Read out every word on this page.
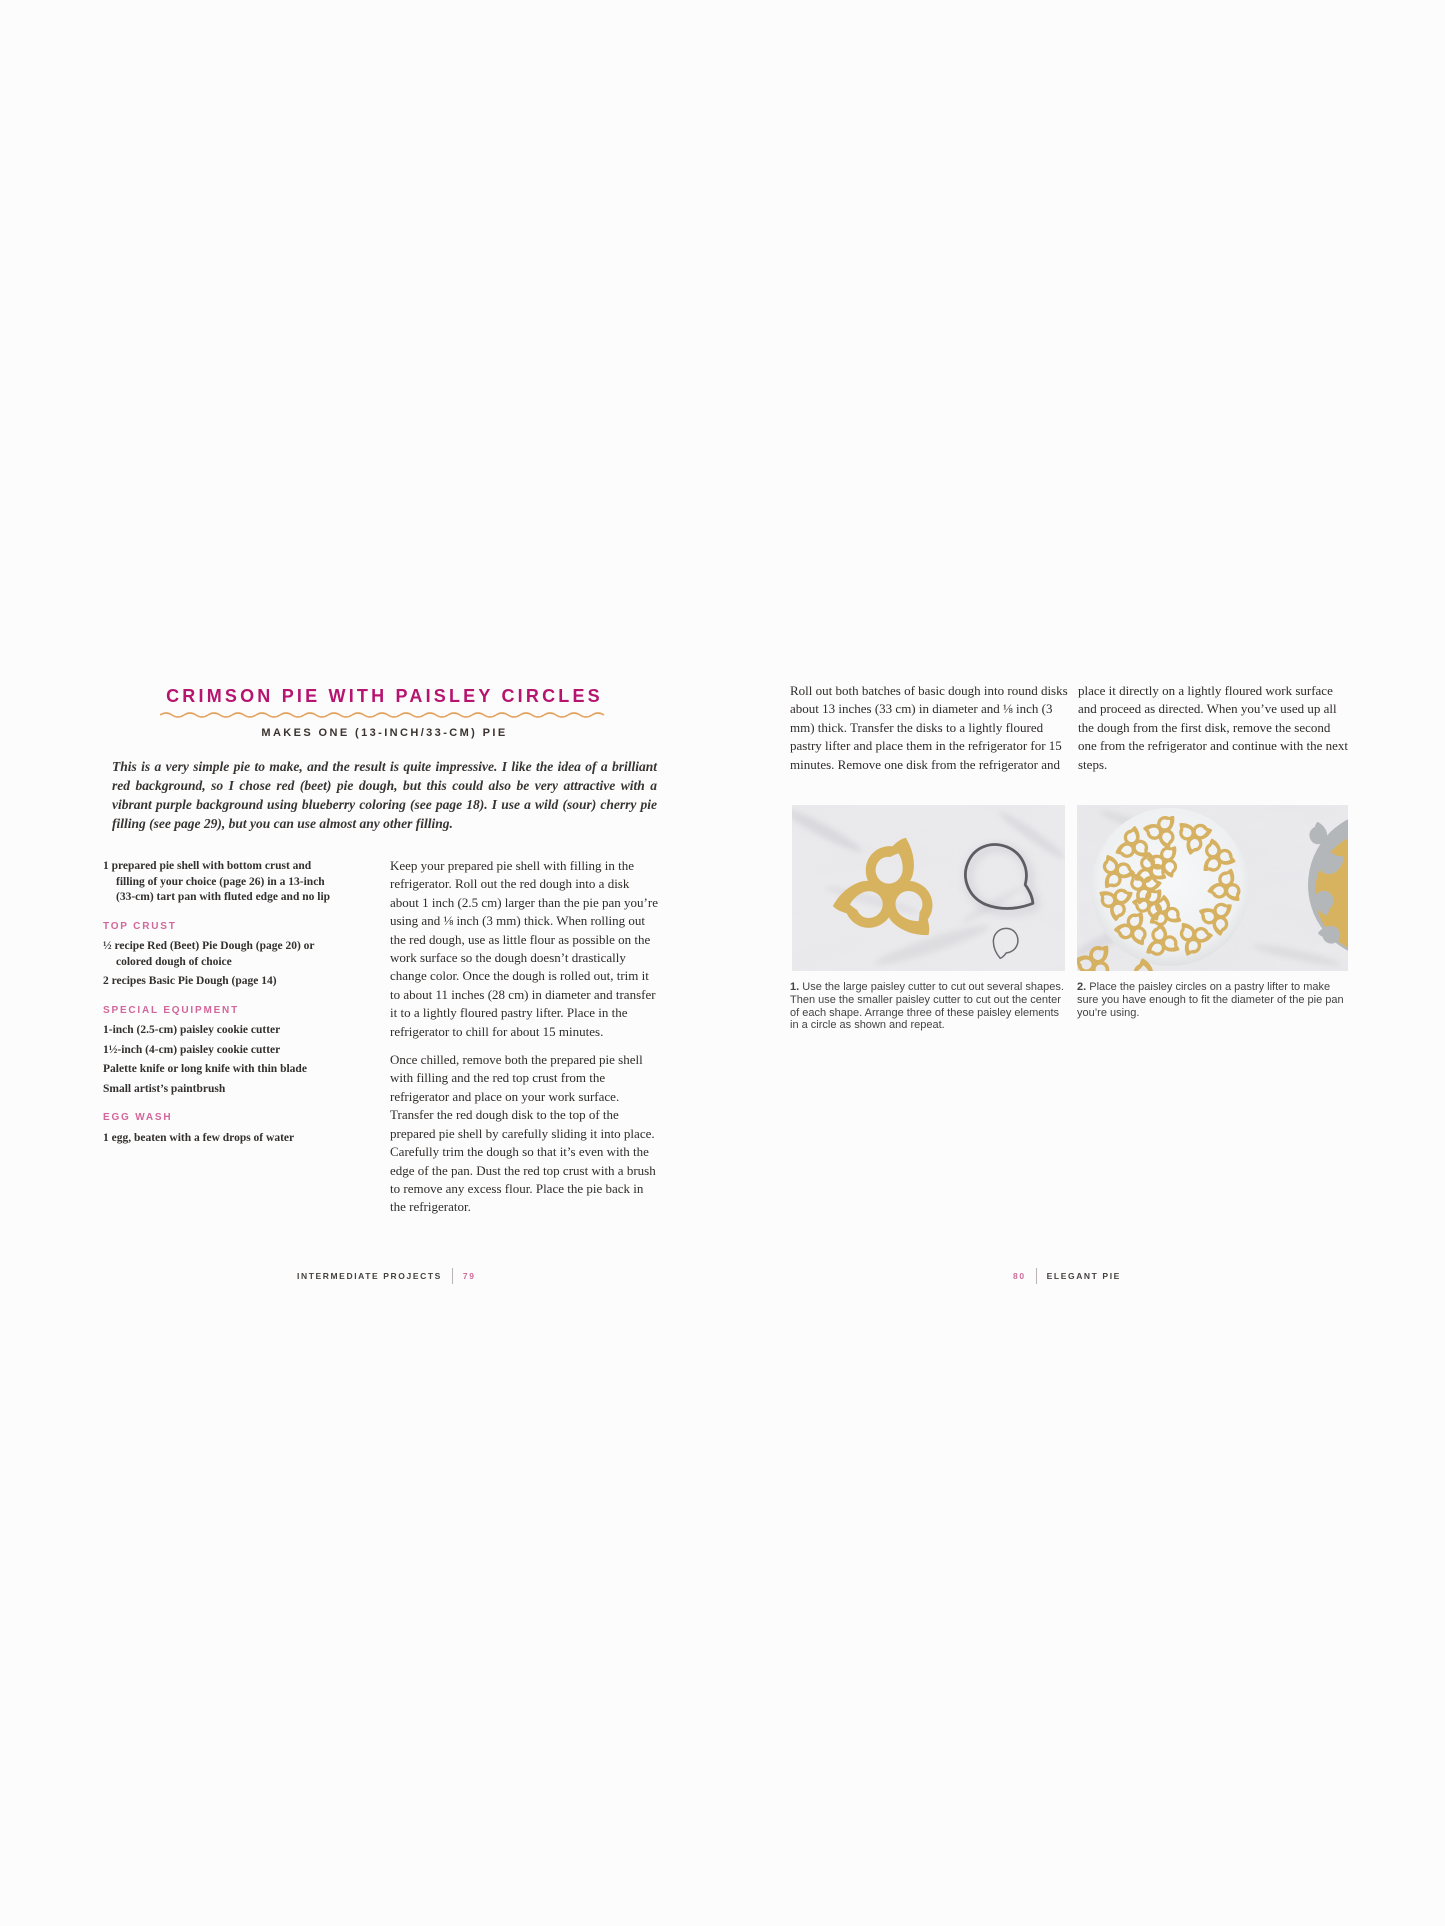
CRIMSON PIE WITH PAISLEY CIRCLES
MAKES ONE (13-INCH/33-CM) PIE

This is a very simple pie to make, and the result is quite impressive. I like the idea of a brilliant red background, so I chose red (beet) pie dough, but this could also be very attractive with a vibrant purple background using blueberry coloring (see page 18). I use a wild (sour) cherry pie filling (see page 29), but you can use almost any other filling.

1 prepared pie shell with bottom crust and filling of your choice (page 26) in a 13-inch (33-cm) tart pan with fluted edge and no lip

TOP CRUST

½ recipe Red (Beet) Pie Dough (page 20) or colored dough of choice

2 recipes Basic Pie Dough (page 14)

SPECIAL EQUIPMENT

1-inch (2.5-cm) paisley cookie cutter

1½-inch (4-cm) paisley cookie cutter

Palette knife or long knife with thin blade

Small artist’s paintbrush

EGG WASH

1 egg, beaten with a few drops of water

Keep your prepared pie shell with filling in the refrigerator. Roll out the red dough into a disk about 1 inch (2.5 cm) larger than the pie pan you’re using and ⅛ inch (3 mm) thick. When rolling out the red dough, use as little flour as possible on the work surface so the dough doesn’t drastically change color. Once the dough is rolled out, trim it to about 11 inches (28 cm) in diameter and transfer it to a lightly floured pastry lifter. Place in the refrigerator to chill for about 15 minutes.

Once chilled, remove both the prepared pie shell with filling and the red top crust from the refrigerator and place on your work surface. Transfer the red dough disk to the top of the prepared pie shell by carefully sliding it into place. Carefully trim the dough so that it’s even with the edge of the pan. Dust the red top crust with a brush to remove any excess flour. Place the pie back in the refrigerator.

INTERMEDIATE PROJECTS 79

Roll out both batches of basic dough into round disks about 13 inches (33 cm) in diameter and ⅛ inch (3 mm) thick. Transfer the disks to a lightly floured pastry lifter and place them in the refrigerator for 15 minutes. Remove one disk from the refrigerator and

place it directly on a lightly floured work surface and proceed as directed. When you’ve used up all the dough from the first disk, remove the second one from the refrigerator and continue with the next steps.

1. Use the large paisley cutter to cut out several shapes. Then use the smaller paisley cutter to cut out the center of each shape. Arrange three of these paisley elements in a circle as shown and repeat.

2. Place the paisley circles on a pastry lifter to make sure you have enough to fit the diameter of the pie pan you’re using.

80 ELEGANT PIE
